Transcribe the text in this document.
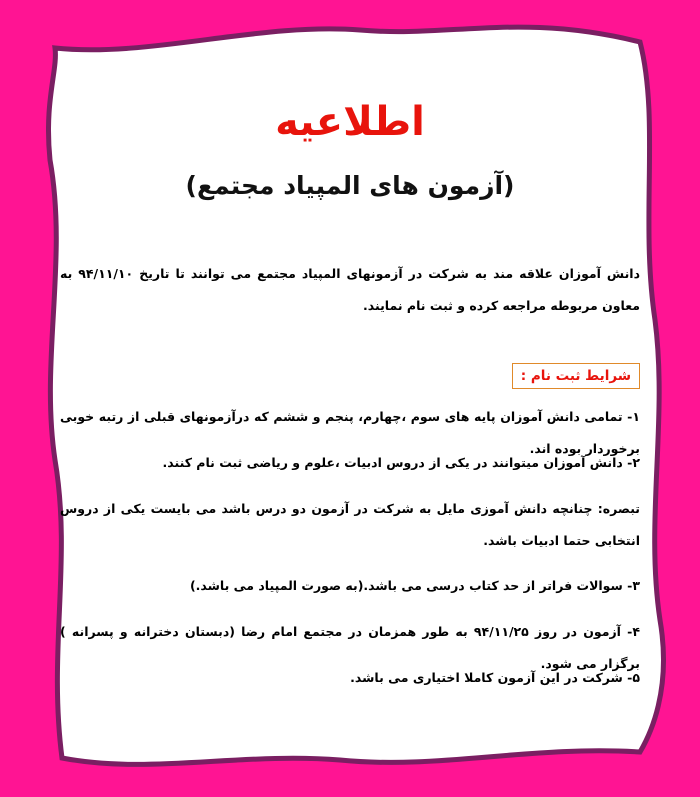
اطلاعیه
(آزمون های المپیاد مجتمع)
دانش آموزان علاقه مند به شرکت در آزمونهای المپیاد مجتمع می توانند تا تاریخ ۹۴/۱۱/۱۰ به معاون مربوطه مراجعه کرده و ثبت نام نمایند.
شرایط ثبت نام :
۱- تمامی دانش آموزان پایه های سوم ،چهارم، پنجم و ششم که درآزمونهای قبلی از رتبه خوبی برخوردار بوده اند.
۲- دانش آموزان میتوانند در یکی از دروس ادبیات ،علوم و ریاضی ثبت نام کنند.
تبصره: چنانچه دانش آموزی مایل به شرکت در آزمون دو درس باشد می بایست یکی از دروس انتخابی حتما ادبیات باشد.
۳- سوالات فراتر از حد کتاب درسی می باشد.(به صورت المپیاد می باشد.)
۴- آزمون در روز ۹۴/۱۱/۲۵ به طور همزمان در مجتمع امام رضا (دبستان دخترانه و پسرانه ) برگزار می شود.
۵- شرکت در این آزمون کاملا اختیاری می باشد.
